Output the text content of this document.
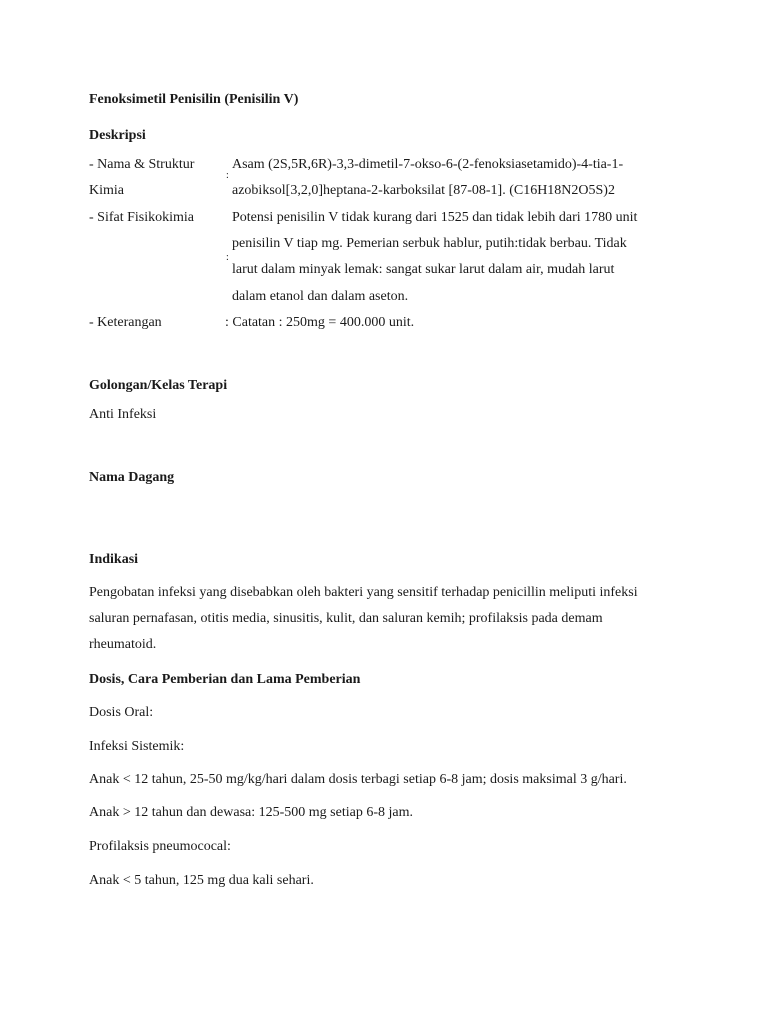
Fenoksimetil Penisilin (Penisilin V)
Deskripsi
- Nama & Struktur
Kimia
:
Asam (2S,5R,6R)-3,3-dimetil-7-okso-6-(2-fenoksiasetamido)-4-tia-1-
azobiksol[3,2,0]heptana-2-karboksilat [87-08-1]. (C16H18N2O5S)2
- Sifat Fisikokimia
:
Potensi penisilin V tidak kurang dari 1525 dan tidak lebih dari 1780 unit
penisilin V tiap mg. Pemerian serbuk hablur, putih:tidak berbau. Tidak
larut dalam minyak lemak: sangat sukar larut dalam air, mudah larut
dalam etanol dan dalam aseton.
- Keterangan	: Catatan : 250mg = 400.000 unit.
Golongan/Kelas Terapi
Anti Infeksi
Nama Dagang
Indikasi
Pengobatan infeksi yang disebabkan oleh bakteri yang sensitif terhadap penicillin meliputi infeksi
saluran pernafasan, otitis media, sinusitis, kulit, dan saluran kemih; profilaksis pada demam
rheumatoid.
Dosis, Cara Pemberian dan Lama Pemberian
Dosis Oral:
Infeksi Sistemik:
Anak < 12 tahun, 25-50 mg/kg/hari dalam dosis terbagi setiap 6-8 jam; dosis maksimal 3 g/hari.
Anak > 12 tahun dan dewasa: 125-500 mg setiap 6-8 jam.
Profilaksis pneumococal:
Anak < 5 tahun, 125 mg dua kali sehari.
